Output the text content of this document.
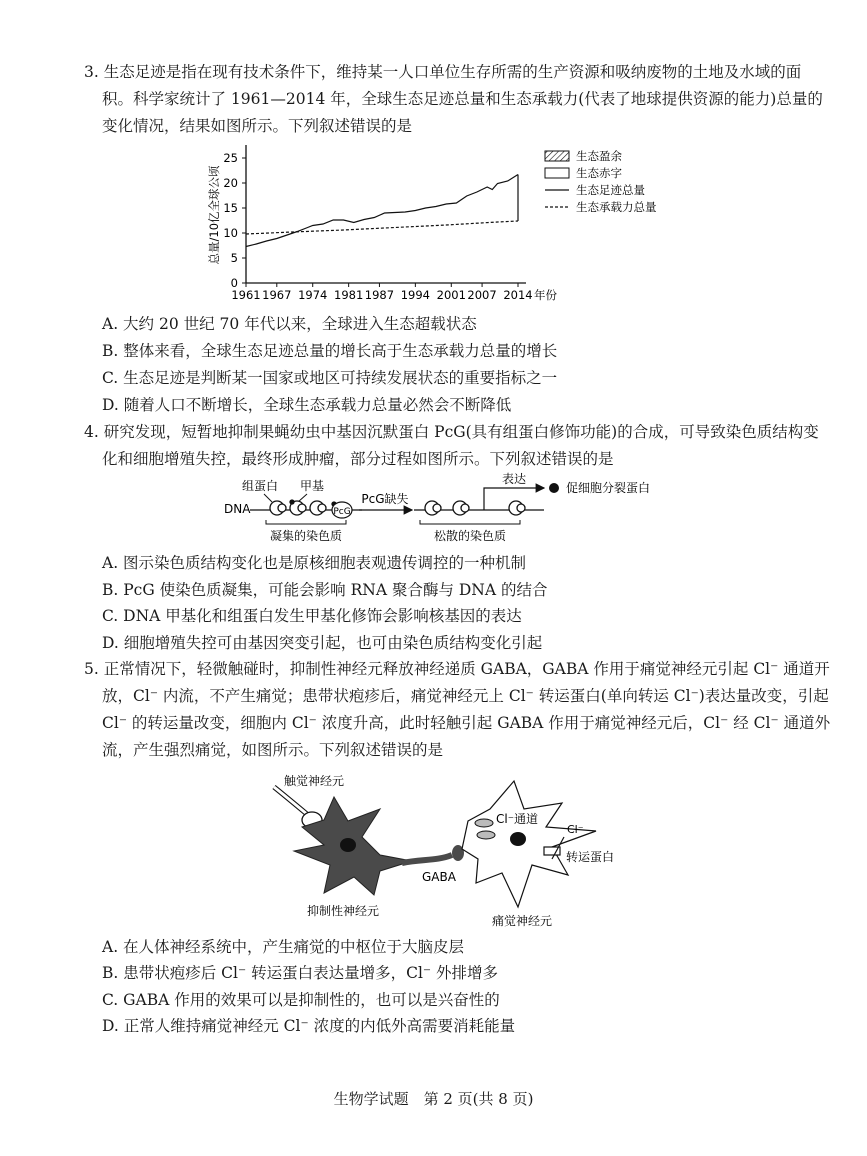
3. 生态足迹是指在现有技术条件下，维持某一人口单位生存所需的生产资源和吸纳废物的土地及水域的面
积。科学家统计了 1961—2014 年，全球生态足迹总量和生态承载力(代表了地球提供资源的能力)总量的
变化情况，结果如图所示。下列叙述错误的是
总量/10亿全球公顷
0
5
10
15
20
25
1961 1967 1974 1981 1987 1994 2001 2007 2014 年份
生态盈余
生态赤字
生态足迹总量
生态承载力总量
A. 大约 20 世纪 70 年代以来，全球进入生态超载状态
B. 整体来看，全球生态足迹总量的增长高于生态承载力总量的增长
C. 生态足迹是判断某一国家或地区可持续发展状态的重要指标之一
D. 随着人口不断增长，全球生态承载力总量必然会不断降低
4. 研究发现，短暂地抑制果蝇幼虫中基因沉默蛋白 PcG(具有组蛋白修饰功能)的合成，可导致染色质结构变
化和细胞增殖失控，最终形成肿瘤，部分过程如图所示。下列叙述错误的是
组蛋白 甲基
DNA	PcG
凝集的染色质
PcG缺失
松散的染色质
表达
促细胞分裂蛋白
A. 图示染色质结构变化也是原核细胞表观遗传调控的一种机制
B. PcG 使染色质凝集，可能会影响 RNA 聚合酶与 DNA 的结合
C. DNA 甲基化和组蛋白发生甲基化修饰会影响核基因的表达
D. 细胞增殖失控可由基因突变引起，也可由染色质结构变化引起
5. 正常情况下，轻微触碰时，抑制性神经元释放神经递质 GABA，GABA 作用于痛觉神经元引起 Cl⁻ 通道开
放，Cl⁻ 内流，不产生痛觉；患带状疱疹后，痛觉神经元上 Cl⁻ 转运蛋白(单向转运 Cl⁻)表达量改变，引起
Cl⁻ 的转运量改变，细胞内 Cl⁻ 浓度升高，此时轻触引起 GABA 作用于痛觉神经元后，Cl⁻ 经 Cl⁻ 通道外
流，产生强烈痛觉，如图所示。下列叙述错误的是
触觉神经元
GABA
抑制性神经元
Cl⁻通道
Cl⁻
转运蛋白
痛觉神经元
A. 在人体神经系统中，产生痛觉的中枢位于大脑皮层
B. 患带状疱疹后 Cl⁻ 转运蛋白表达量增多，Cl⁻ 外排增多
C. GABA 作用的效果可以是抑制性的，也可以是兴奋性的
D. 正常人维持痛觉神经元 Cl⁻ 浓度的内低外高需要消耗能量
生物学试题　第 2 页(共 8 页)
